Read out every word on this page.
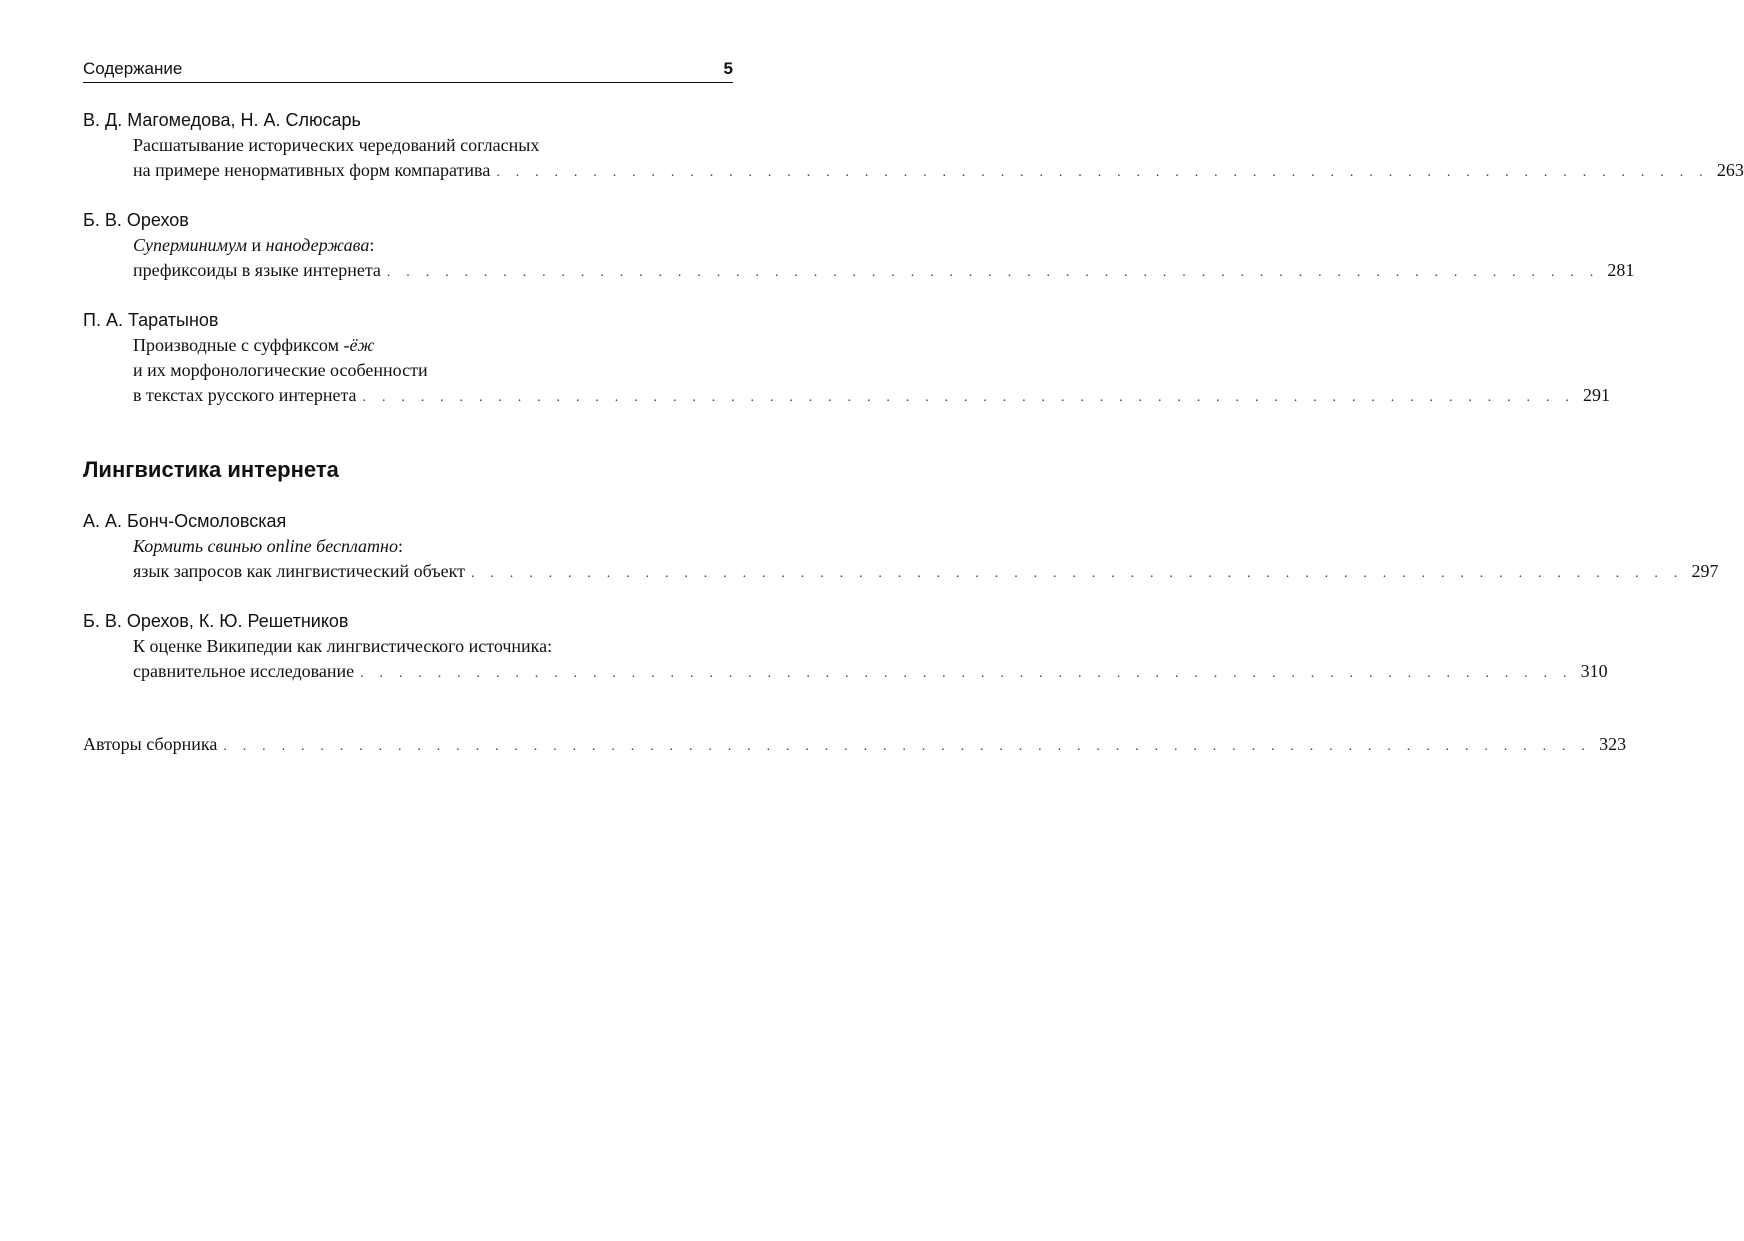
Содержание	5
В. Д. Магомедова, Н. А. Слюсарь
Расшатывание исторических чередований согласных
на примере ненормативных форм компаратива . . . . . . . . . . . . . . . . . . . . . . . . . . . . . . . . . . . . . . . . . . . . . . . . . . . . . . . . . . . . . . . 263
Б. В. Орехов
Суперминимум и нанодержава:
префиксоиды в языке интернета . . . . . . . . . . . . . . . . . . . . . . . . . . . . . . . . . . . . . . . . . . . . . . . . . . . . . . . . . . . . . . . 281
П. А. Таратынов
Производные с суффиксом -ёж
и их морфонологические особенности
в текстах русского интернета . . . . . . . . . . . . . . . . . . . . . . . . . . . . . . . . . . . . . . . . . . . . . . . . . . . . . . . . . . . . . . . 291
Лингвистика интернета
А. А. Бонч-Осмоловская
Кормить свинью online бесплатно:
язык запросов как лингвистический объект . . . . . . . . . . . . . . . . . . . . . . . . . . . . . . . . . . . . . . . . . . . . . . . . . . . . . . . . . . . . . . . 297
Б. В. Орехов, К. Ю. Решетников
К оценке Википедии как лингвистического источника:
сравнительное исследование . . . . . . . . . . . . . . . . . . . . . . . . . . . . . . . . . . . . . . . . . . . . . . . . . . . . . . . . . . . . . . . 310
Авторы сборника . . . . . . . . . . . . . . . . . . . . . . . . . . . . . . . . . . . . . . . . . . . . . . . . . . . . . . . . . . . . . . . . . . . . . . . 323
